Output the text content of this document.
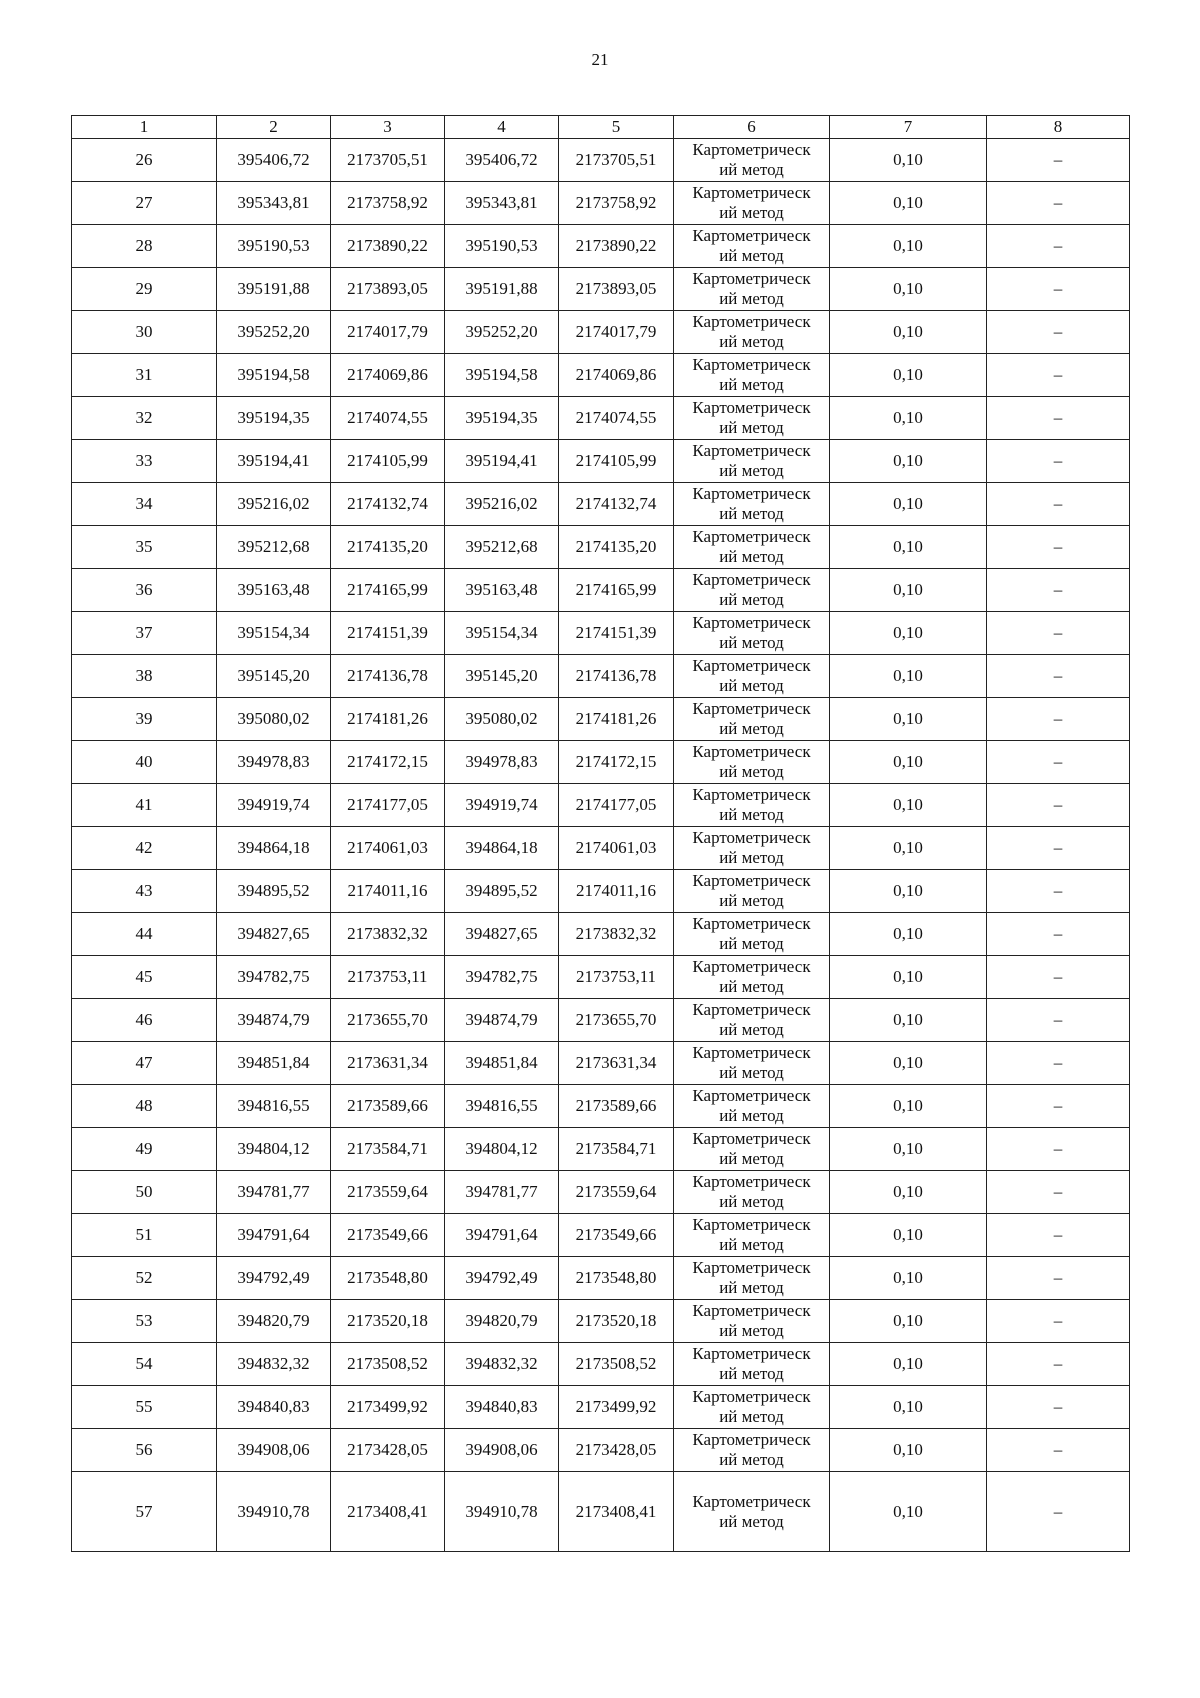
21
1	2	3	4	5	6	7	8
26	395406,72	2173705,51	395406,72	2173705,51	Картометрическ
ий метод	0,10	–
27	395343,81	2173758,92	395343,81	2173758,92	Картометрическ
ий метод	0,10	–
28	395190,53	2173890,22	395190,53	2173890,22	Картометрическ
ий метод	0,10	–
29	395191,88	2173893,05	395191,88	2173893,05	Картометрическ
ий метод	0,10	–
30	395252,20	2174017,79	395252,20	2174017,79	Картометрическ
ий метод	0,10	–
31	395194,58	2174069,86	395194,58	2174069,86	Картометрическ
ий метод	0,10	–
32	395194,35	2174074,55	395194,35	2174074,55	Картометрическ
ий метод	0,10	–
33	395194,41	2174105,99	395194,41	2174105,99	Картометрическ
ий метод	0,10	–
34	395216,02	2174132,74	395216,02	2174132,74	Картометрическ
ий метод	0,10	–
35	395212,68	2174135,20	395212,68	2174135,20	Картометрическ
ий метод	0,10	–
36	395163,48	2174165,99	395163,48	2174165,99	Картометрическ
ий метод	0,10	–
37	395154,34	2174151,39	395154,34	2174151,39	Картометрическ
ий метод	0,10	–
38	395145,20	2174136,78	395145,20	2174136,78	Картометрическ
ий метод	0,10	–
39	395080,02	2174181,26	395080,02	2174181,26	Картометрическ
ий метод	0,10	–
40	394978,83	2174172,15	394978,83	2174172,15	Картометрическ
ий метод	0,10	–
41	394919,74	2174177,05	394919,74	2174177,05	Картометрическ
ий метод	0,10	–
42	394864,18	2174061,03	394864,18	2174061,03	Картометрическ
ий метод	0,10	–
43	394895,52	2174011,16	394895,52	2174011,16	Картометрическ
ий метод	0,10	–
44	394827,65	2173832,32	394827,65	2173832,32	Картометрическ
ий метод	0,10	–
45	394782,75	2173753,11	394782,75	2173753,11	Картометрическ
ий метод	0,10	–
46	394874,79	2173655,70	394874,79	2173655,70	Картометрическ
ий метод	0,10	–
47	394851,84	2173631,34	394851,84	2173631,34	Картометрическ
ий метод	0,10	–
48	394816,55	2173589,66	394816,55	2173589,66	Картометрическ
ий метод	0,10	–
49	394804,12	2173584,71	394804,12	2173584,71	Картометрическ
ий метод	0,10	–
50	394781,77	2173559,64	394781,77	2173559,64	Картометрическ
ий метод	0,10	–
51	394791,64	2173549,66	394791,64	2173549,66	Картометрическ
ий метод	0,10	–
52	394792,49	2173548,80	394792,49	2173548,80	Картометрическ
ий метод	0,10	–
53	394820,79	2173520,18	394820,79	2173520,18	Картометрическ
ий метод	0,10	–
54	394832,32	2173508,52	394832,32	2173508,52	Картометрическ
ий метод	0,10	–
55	394840,83	2173499,92	394840,83	2173499,92	Картометрическ
ий метод	0,10	–
56	394908,06	2173428,05	394908,06	2173428,05	Картометрическ
ий метод	0,10	–
57	394910,78	2173408,41	394910,78	2173408,41	Картометрическ
ий метод	0,10	–
